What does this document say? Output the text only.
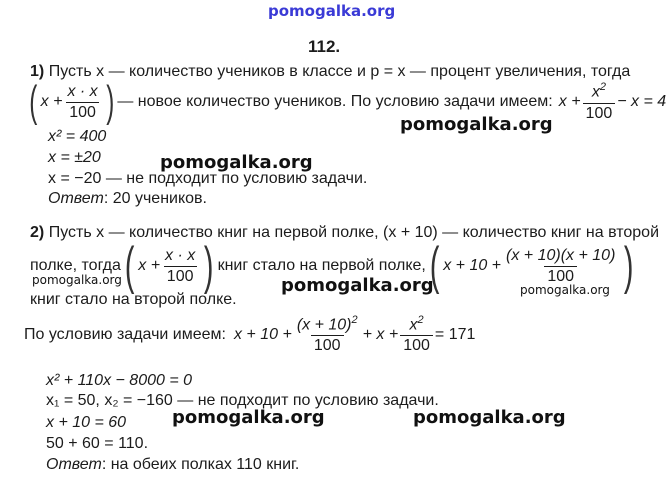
pomogalka.org
112.
1) Пусть x — количество учеников в классе и p = x — процент увеличения, тогда
( $x + \frac{x \cdot x}{100}$ ) — новое количество учеников. По условию задачи имеем: $x + \frac{x^2}{100} - x = 4$
x² = 400
x = ±20
x = −20 — не подходит по условию задачи.
Ответ: 20 учеников.
2) Пусть x — количество книг на первой полке, (x + 10) — количество книг на второй
полке, тогда ( $x + \frac{x \cdot x}{100}$ ) книг стало на первой полке, ( $x + 10 + \frac{(x + 10)(x + 10)}{100}$ )
книг стало на второй полке.
По условию задачи имеем: $x + 10 + \frac{(x + 10)^2}{100} + x + \frac{x^2}{100} = 171$
x² + 110x − 8000 = 0
x₁ = 50, x₂ = −160 — не подходит по условию задачи.
x + 10 = 60
50 + 60 = 110.
Ответ: на обеих полках 110 книг.
pomogalka.org
pomogalka.org
pomogalka.org	pomogalka.org	pomogalka.org
pomogalka.org	pomogalka.org
